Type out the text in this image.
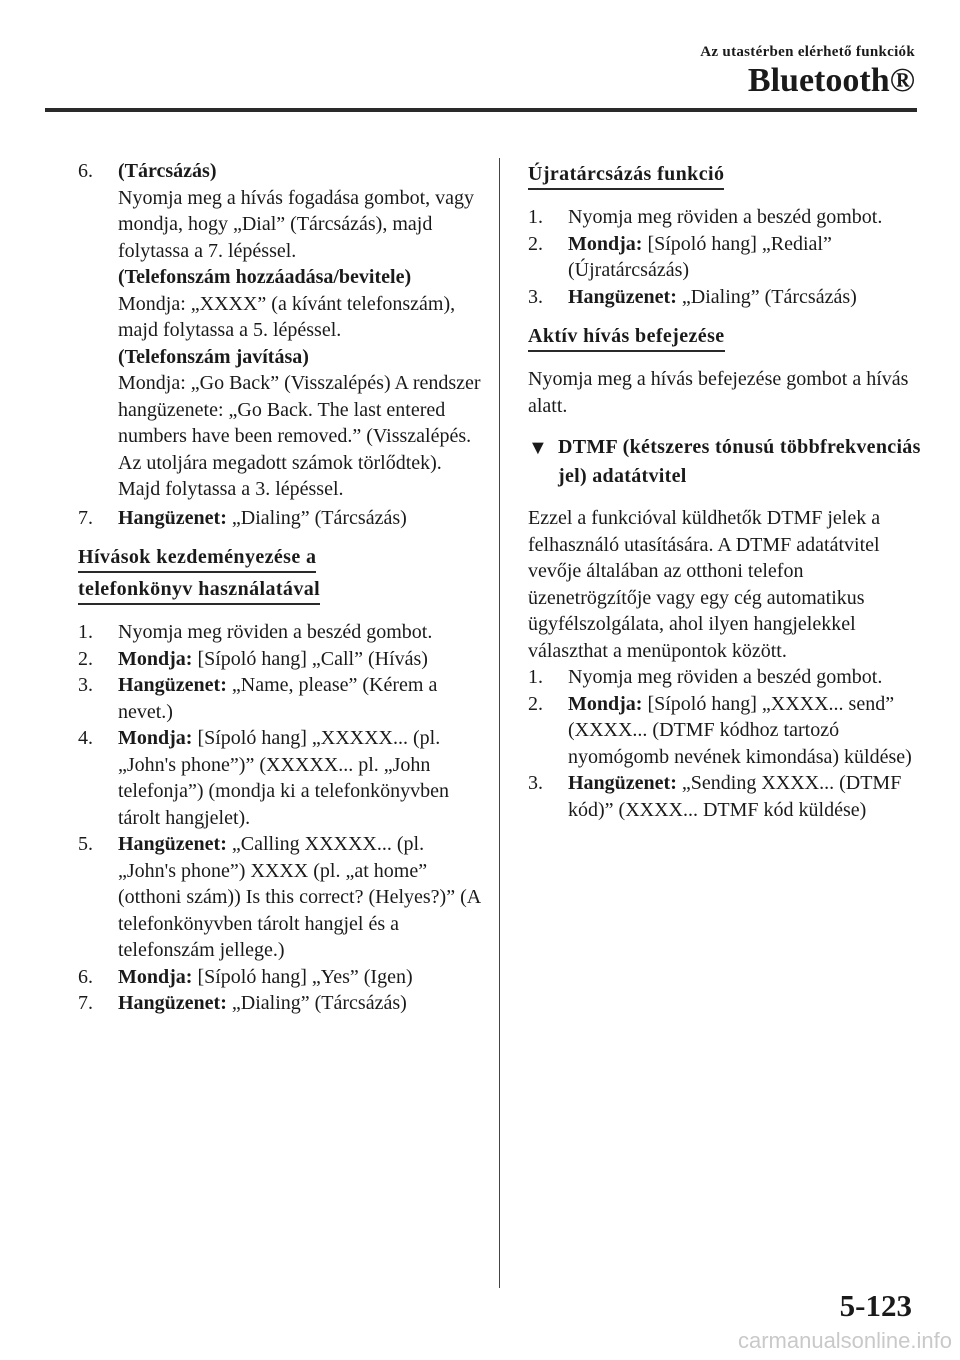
Az utastérben elérhető funkciók
Bluetooth®
6. (Tárcsázás)
Nyomja meg a hívás fogadása gombot, vagy mondja, hogy „Dial” (Tárcsázás), majd folytassa a 7. lépéssel.
(Telefonszám hozzáadása/bevitele)
Mondja: „XXXX” (a kívánt telefonszám), majd folytassa a 5. lépéssel.
(Telefonszám javítása)
Mondja: „Go Back” (Visszalépés) A rendszer hangüzenete: „Go Back. The last entered numbers have been removed.” (Visszalépés. Az utoljára megadott számok törlődtek). Majd folytassa a 3. lépéssel.
7. Hangüzenet: „Dialing” (Tárcsázás)
Hívások kezdeményezése a
telefonkönyv használatával
1. Nyomja meg röviden a beszéd gombot.
2. Mondja: [Sípoló hang] „Call” (Hívás)
3. Hangüzenet: „Name, please” (Kérem a nevet.)
4. Mondja: [Sípoló hang] „XXXXX... (pl. „John's phone”)” (XXXXX... pl. „John telefonja”) (mondja ki a telefonkönyvben tárolt hangjelet).
5. Hangüzenet: „Calling XXXXX... (pl. „John's phone”) XXXX (pl. „at home” (otthoni szám)) Is this correct? (Helyes?)” (A telefonkönyvben tárolt hangjel és a telefonszám jellege.)
6. Mondja: [Sípoló hang] „Yes” (Igen)
7. Hangüzenet: „Dialing” (Tárcsázás)
Újratárcsázás funkció
1. Nyomja meg röviden a beszéd gombot.
2. Mondja: [Sípoló hang] „Redial” (Újratárcsázás)
3. Hangüzenet: „Dialing” (Tárcsázás)
Aktív hívás befejezése
Nyomja meg a hívás befejezése gombot a hívás alatt.
▼ DTMF (kétszeres tónusú többfrekvenciás jel) adatátvitel
Ezzel a funkcióval küldhetők DTMF jelek a felhasználó utasítására. A DTMF adatátvitel vevője általában az otthoni telefon üzenetrögzítője vagy egy cég automatikus ügyfélszolgálata, ahol ilyen hangjelekkel választhat a menüpontok között.
1. Nyomja meg röviden a beszéd gombot.
2. Mondja: [Sípoló hang] „XXXX... send” (XXXX... (DTMF kódhoz tartozó nyomógomb nevének kimondása) küldése)
3. Hangüzenet: „Sending XXXX... (DTMF kód)” (XXXX... DTMF kód küldése)
5-123
carmanualsonline.info
